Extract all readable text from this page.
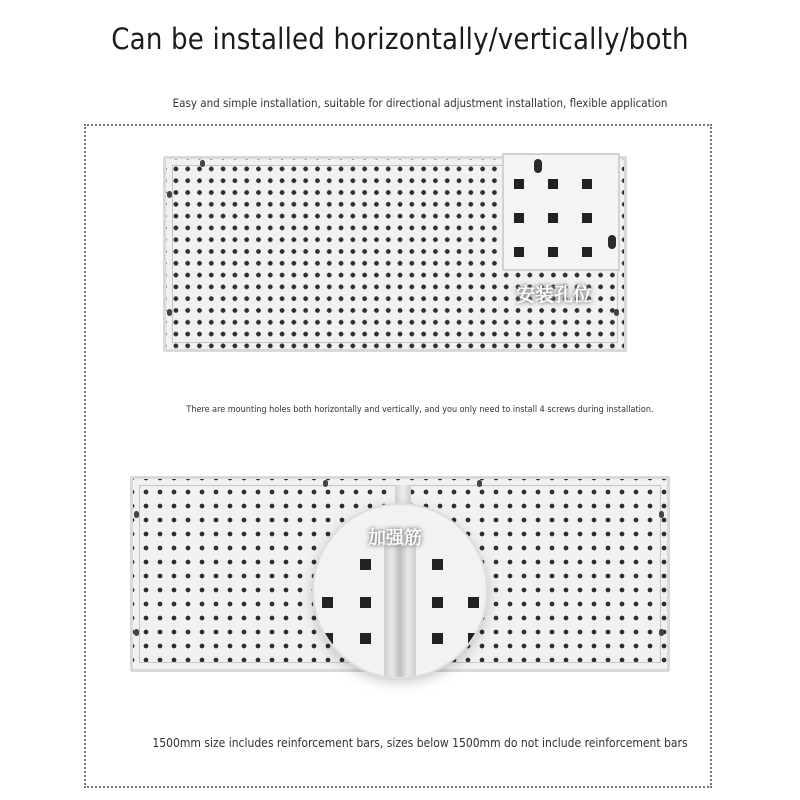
Can be installed horizontally/vertically/both
Easy and simple installation, suitable for directional adjustment installation, flexible application
安装孔位
There are mounting holes both horizontally and vertically, and you only need to install 4 screws during installation.
加强筋
1500mm size includes reinforcement bars, sizes below 1500mm do not include reinforcement bars
